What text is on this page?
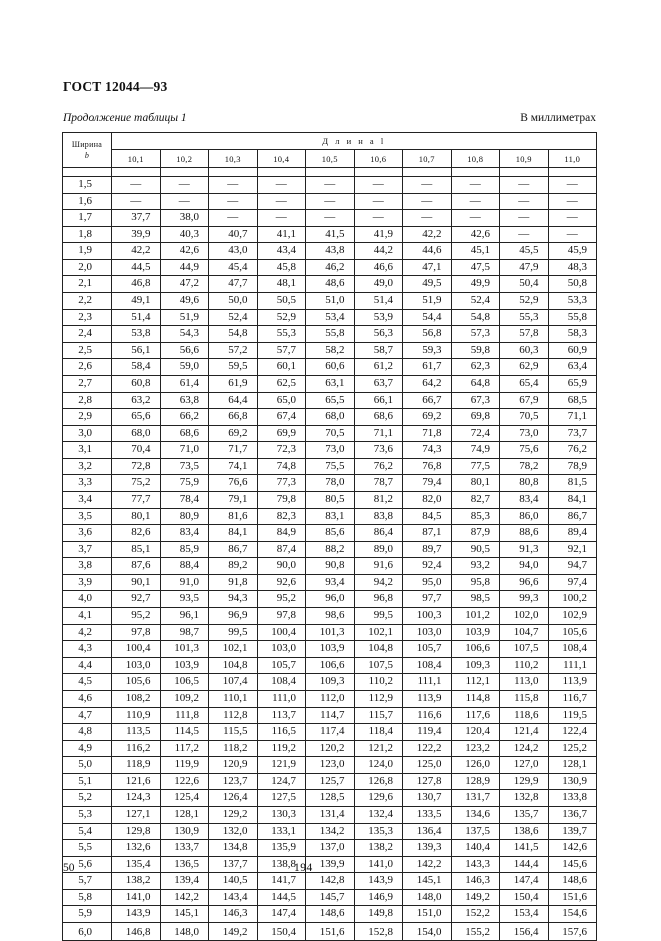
ГОСТ 12044—93
Продолжение таблицы 1	В миллиметрах
Ширина
b	Д л и н а l									
	10,1	10,2	10,3	10,4	10,5	10,6	10,7	10,8	10,9	11,0

1,5	—	—	—	—	—	—	—	—	—	—
1,6	—	—	—	—	—	—	—	—	—	—
1,7	37,7	38,0	—	—	—	—	—	—	—	—
1,8	39,9	40,3	40,7	41,1	41,5	41,9	42,2	42,6	—	—
1,9	42,2	42,6	43,0	43,4	43,8	44,2	44,6	45,1	45,5	45,9
2,0	44,5	44,9	45,4	45,8	46,2	46,6	47,1	47,5	47,9	48,3
2,1	46,8	47,2	47,7	48,1	48,6	49,0	49,5	49,9	50,4	50,8
2,2	49,1	49,6	50,0	50,5	51,0	51,4	51,9	52,4	52,9	53,3
2,3	51,4	51,9	52,4	52,9	53,4	53,9	54,4	54,8	55,3	55,8
2,4	53,8	54,3	54,8	55,3	55,8	56,3	56,8	57,3	57,8	58,3
2,5	56,1	56,6	57,2	57,7	58,2	58,7	59,3	59,8	60,3	60,9
2,6	58,4	59,0	59,5	60,1	60,6	61,2	61,7	62,3	62,9	63,4
2,7	60,8	61,4	61,9	62,5	63,1	63,7	64,2	64,8	65,4	65,9
2,8	63,2	63,8	64,4	65,0	65,5	66,1	66,7	67,3	67,9	68,5
2,9	65,6	66,2	66,8	67,4	68,0	68,6	69,2	69,8	70,5	71,1
3,0	68,0	68,6	69,2	69,9	70,5	71,1	71,8	72,4	73,0	73,7
3,1	70,4	71,0	71,7	72,3	73,0	73,6	74,3	74,9	75,6	76,2
3,2	72,8	73,5	74,1	74,8	75,5	76,2	76,8	77,5	78,2	78,9
3,3	75,2	75,9	76,6	77,3	78,0	78,7	79,4	80,1	80,8	81,5
3,4	77,7	78,4	79,1	79,8	80,5	81,2	82,0	82,7	83,4	84,1
3,5	80,1	80,9	81,6	82,3	83,1	83,8	84,5	85,3	86,0	86,7
3,6	82,6	83,4	84,1	84,9	85,6	86,4	87,1	87,9	88,6	89,4
3,7	85,1	85,9	86,7	87,4	88,2	89,0	89,7	90,5	91,3	92,1
3,8	87,6	88,4	89,2	90,0	90,8	91,6	92,4	93,2	94,0	94,7
3,9	90,1	91,0	91,8	92,6	93,4	94,2	95,0	95,8	96,6	97,4
4,0	92,7	93,5	94,3	95,2	96,0	96,8	97,7	98,5	99,3	100,2
4,1	95,2	96,1	96,9	97,8	98,6	99,5	100,3	101,2	102,0	102,9
4,2	97,8	98,7	99,5	100,4	101,3	102,1	103,0	103,9	104,7	105,6
4,3	100,4	101,3	102,1	103,0	103,9	104,8	105,7	106,6	107,5	108,4
4,4	103,0	103,9	104,8	105,7	106,6	107,5	108,4	109,3	110,2	111,1
4,5	105,6	106,5	107,4	108,4	109,3	110,2	111,1	112,1	113,0	113,9
4,6	108,2	109,2	110,1	111,0	112,0	112,9	113,9	114,8	115,8	116,7
4,7	110,9	111,8	112,8	113,7	114,7	115,7	116,6	117,6	118,6	119,5
4,8	113,5	114,5	115,5	116,5	117,4	118,4	119,4	120,4	121,4	122,4
4,9	116,2	117,2	118,2	119,2	120,2	121,2	122,2	123,2	124,2	125,2
5,0	118,9	119,9	120,9	121,9	123,0	124,0	125,0	126,0	127,0	128,1
5,1	121,6	122,6	123,7	124,7	125,7	126,8	127,8	128,9	129,9	130,9
5,2	124,3	125,4	126,4	127,5	128,5	129,6	130,7	131,7	132,8	133,8
5,3	127,1	128,1	129,2	130,3	131,4	132,4	133,5	134,6	135,7	136,7
5,4	129,8	130,9	132,0	133,1	134,2	135,3	136,4	137,5	138,6	139,7
5,5	132,6	133,7	134,8	135,9	137,0	138,2	139,3	140,4	141,5	142,6
5,6	135,4	136,5	137,7	138,8	139,9	141,0	142,2	143,3	144,4	145,6
5,7	138,2	139,4	140,5	141,7	142,8	143,9	145,1	146,3	147,4	148,6
5,8	141,0	142,2	143,4	144,5	145,7	146,9	148,0	149,2	150,4	151,6
5,9	143,9	145,1	146,3	147,4	148,6	149,8	151,0	152,2	153,4	154,6
6,0	146,8	148,0	149,2	150,4	151,6	152,8	154,0	155,2	156,4	157,6
50	194
